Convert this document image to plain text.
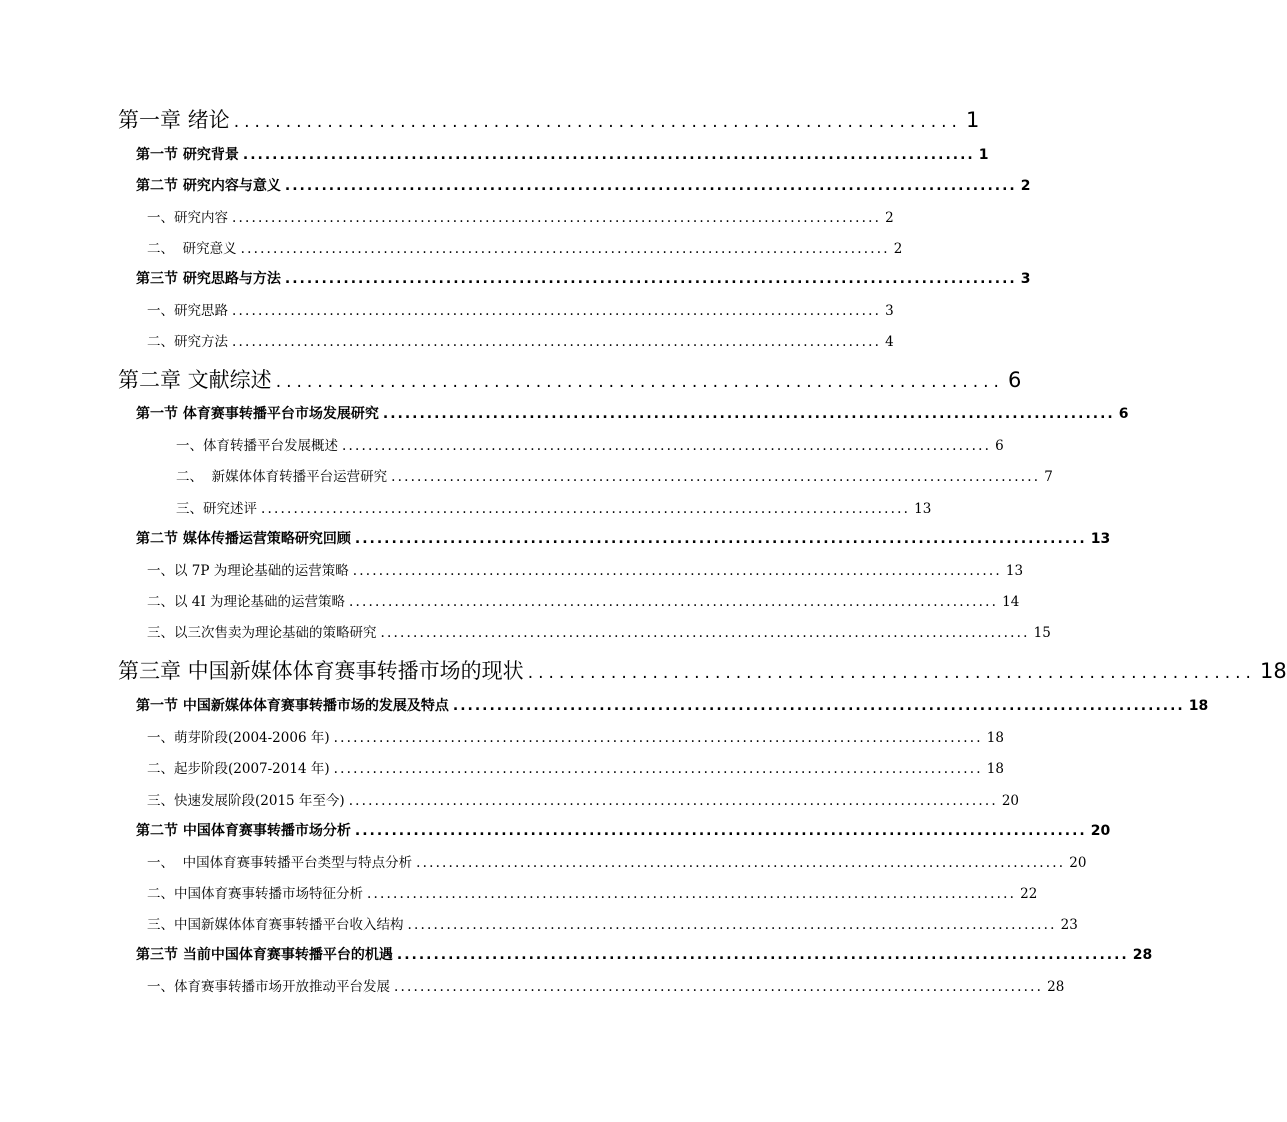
第一章 绪论 ...................................................................... 1
第一节 研究背景 .................................................................................................... 1
第二节 研究内容与意义 .................................................................................................... 2
一、研究内容 .................................................................................................... 2
二、  研究意义 .................................................................................................... 2
第三节 研究思路与方法 .................................................................................................... 3
一、研究思路 .................................................................................................... 3
二、研究方法 .................................................................................................... 4
第二章 文献综述 ...................................................................... 6
第一节 体育赛事转播平台市场发展研究 .................................................................................................... 6
一、体育转播平台发展概述 .................................................................................................... 6
二、  新媒体体育转播平台运营研究 .................................................................................................... 7
三、研究述评 .................................................................................................... 13
第二节 媒体传播运营策略研究回顾 .................................................................................................... 13
一、以 7P 为理论基础的运营策略 .................................................................................................... 13
二、以 4I 为理论基础的运营策略 .................................................................................................... 14
三、以三次售卖为理论基础的策略研究 .................................................................................................... 15
第三章 中国新媒体体育赛事转播市场的现状 ...................................................................... 18
第一节 中国新媒体体育赛事转播市场的发展及特点 .................................................................................................... 18
一、萌芽阶段(2004-2006 年) .................................................................................................... 18
二、起步阶段(2007-2014 年) .................................................................................................... 18
三、快速发展阶段(2015 年至今) .................................................................................................... 20
第二节 中国体育赛事转播市场分析 .................................................................................................... 20
一、  中国体育赛事转播平台类型与特点分析 .................................................................................................... 20
二、中国体育赛事转播市场特征分析 .................................................................................................... 22
三、中国新媒体体育赛事转播平台收入结构 .................................................................................................... 23
第三节 当前中国体育赛事转播平台的机遇 .................................................................................................... 28
一、体育赛事转播市场开放推动平台发展 .................................................................................................... 28
